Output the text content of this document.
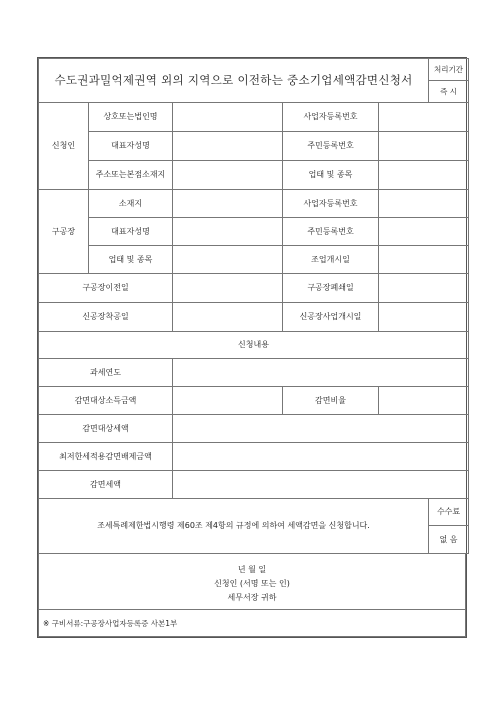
수도권과밀억제권역 외의 지역으로 이전하는 중소기업세액감면신청서					처리기간
					즉 시
신청인	상호또는법인명		사업자등록번호		
	대표자성명		주민등록번호		
	주소또는본점소재지		업태 및 종목		
구공장	소재지		사업자등록번호		
	대표자성명		주민등록번호		
	업태 및 종목		조업개시일		
구공장이전일			구공장폐쇄일		
신공장착공일			신공장사업개시일		
신청내용					
과세연도					
감면대상소득금액			감면비율		
감면대상세액					
최저한세적용감면배제금액					
감면세액					
조세특례제한법시행령 제60조 제4항의 규정에 의하여 세액감면을 신청합니다.					수수료
					없 음
년 월 일
신청인 (서명 또는 인)
세무서장 귀하
※ 구비서류:구공장사업자등록증 사본1부
